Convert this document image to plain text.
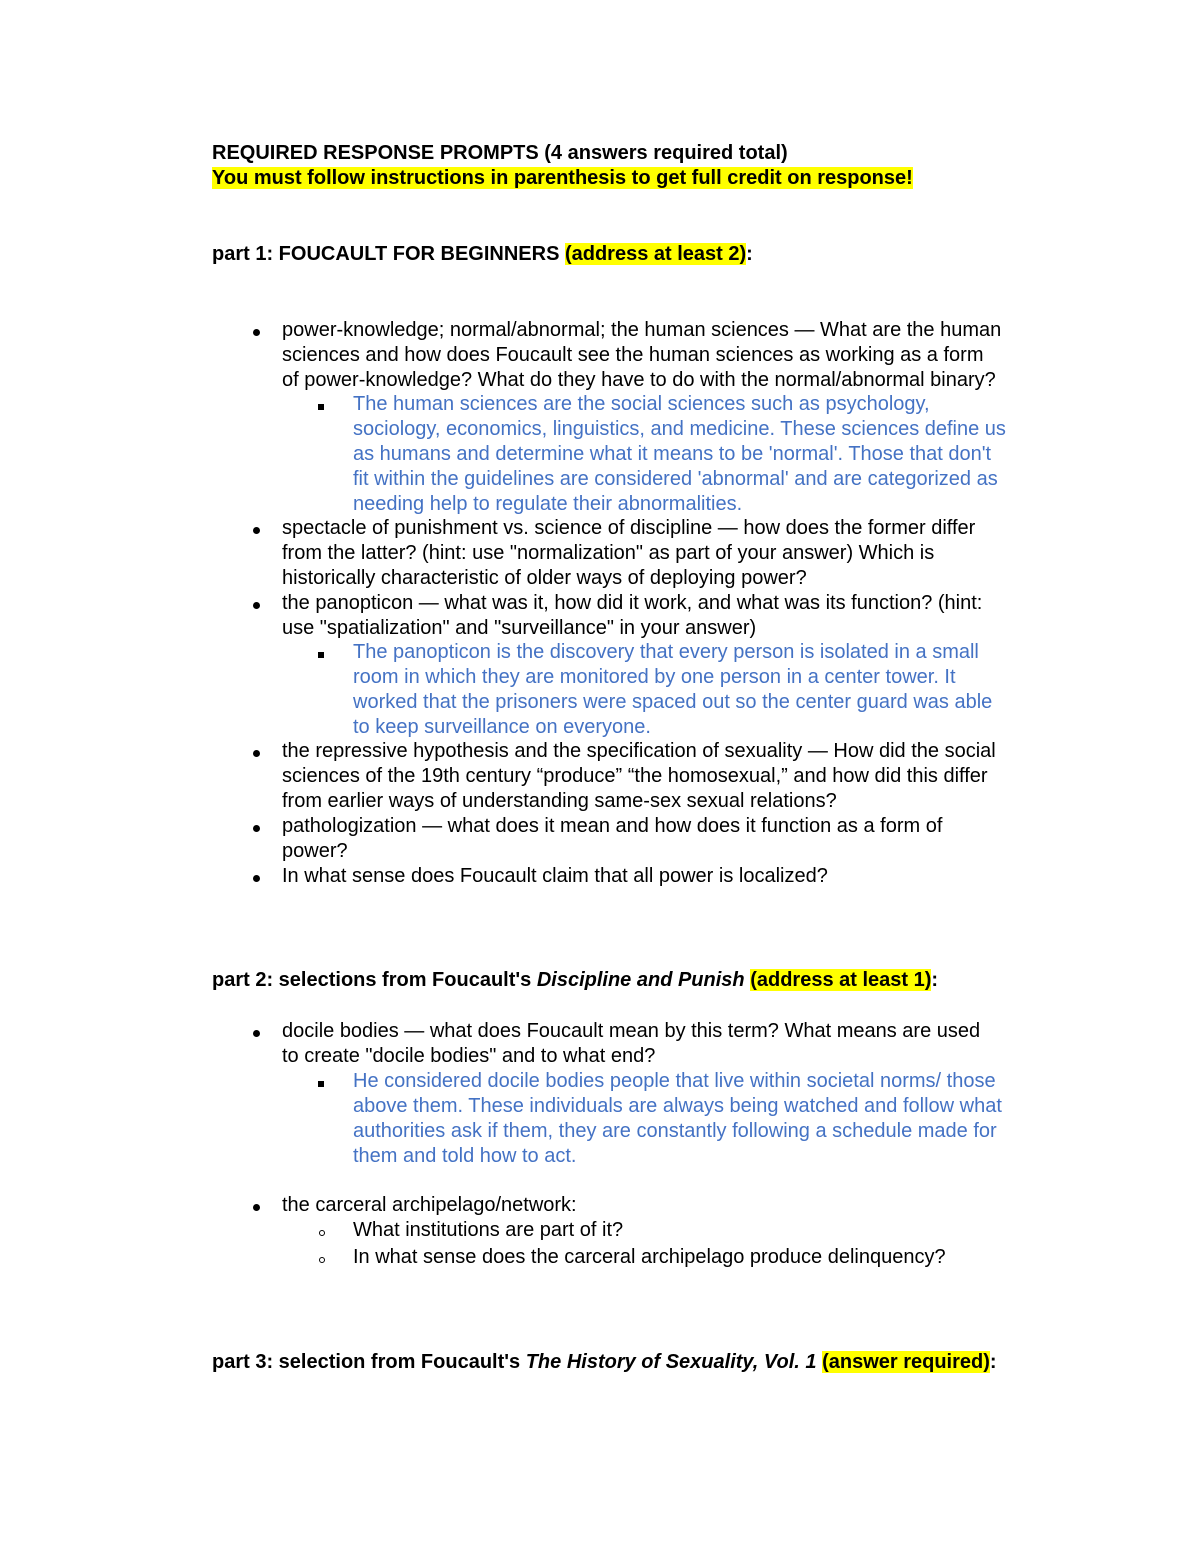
REQUIRED RESPONSE PROMPTS (4 answers required total)
You must follow instructions in parenthesis to get full credit on response!
part 1: FOUCAULT FOR BEGINNERS (address at least 2):
power-knowledge; normal/abnormal; the human sciences — What are the human
sciences and how does Foucault see the human sciences as working as a form
of power-knowledge? What do they have to do with the normal/abnormal binary?
The human sciences are the social sciences such as psychology,
sociology, economics, linguistics, and medicine. These sciences define us
as humans and determine what it means to be 'normal'. Those that don't
fit within the guidelines are considered 'abnormal' and are categorized as
needing help to regulate their abnormalities.
spectacle of punishment vs. science of discipline — how does the former differ
from the latter? (hint: use "normalization" as part of your answer) Which is
historically characteristic of older ways of deploying power?
the panopticon — what was it, how did it work, and what was its function? (hint:
use "spatialization" and "surveillance" in your answer)
The panopticon is the discovery that every person is isolated in a small
room in which they are monitored by one person in a center tower. It
worked that the prisoners were spaced out so the center guard was able
to keep surveillance on everyone.
the repressive hypothesis and the specification of sexuality — How did the social
sciences of the 19th century “produce” “the homosexual,” and how did this differ
from earlier ways of understanding same-sex sexual relations?
pathologization — what does it mean and how does it function as a form of
power?
In what sense does Foucault claim that all power is localized?
part 2: selections from Foucault's Discipline and Punish (address at least 1):
docile bodies — what does Foucault mean by this term? What means are used
to create "docile bodies" and to what end?
He considered docile bodies people that live within societal norms/ those
above them. These individuals are always being watched and follow what
authorities ask if them, they are constantly following a schedule made for
them and told how to act.
the carceral archipelago/network:
What institutions are part of it?
In what sense does the carceral archipelago produce delinquency?
part 3: selection from Foucault's The History of Sexuality, Vol. 1 (answer required):
